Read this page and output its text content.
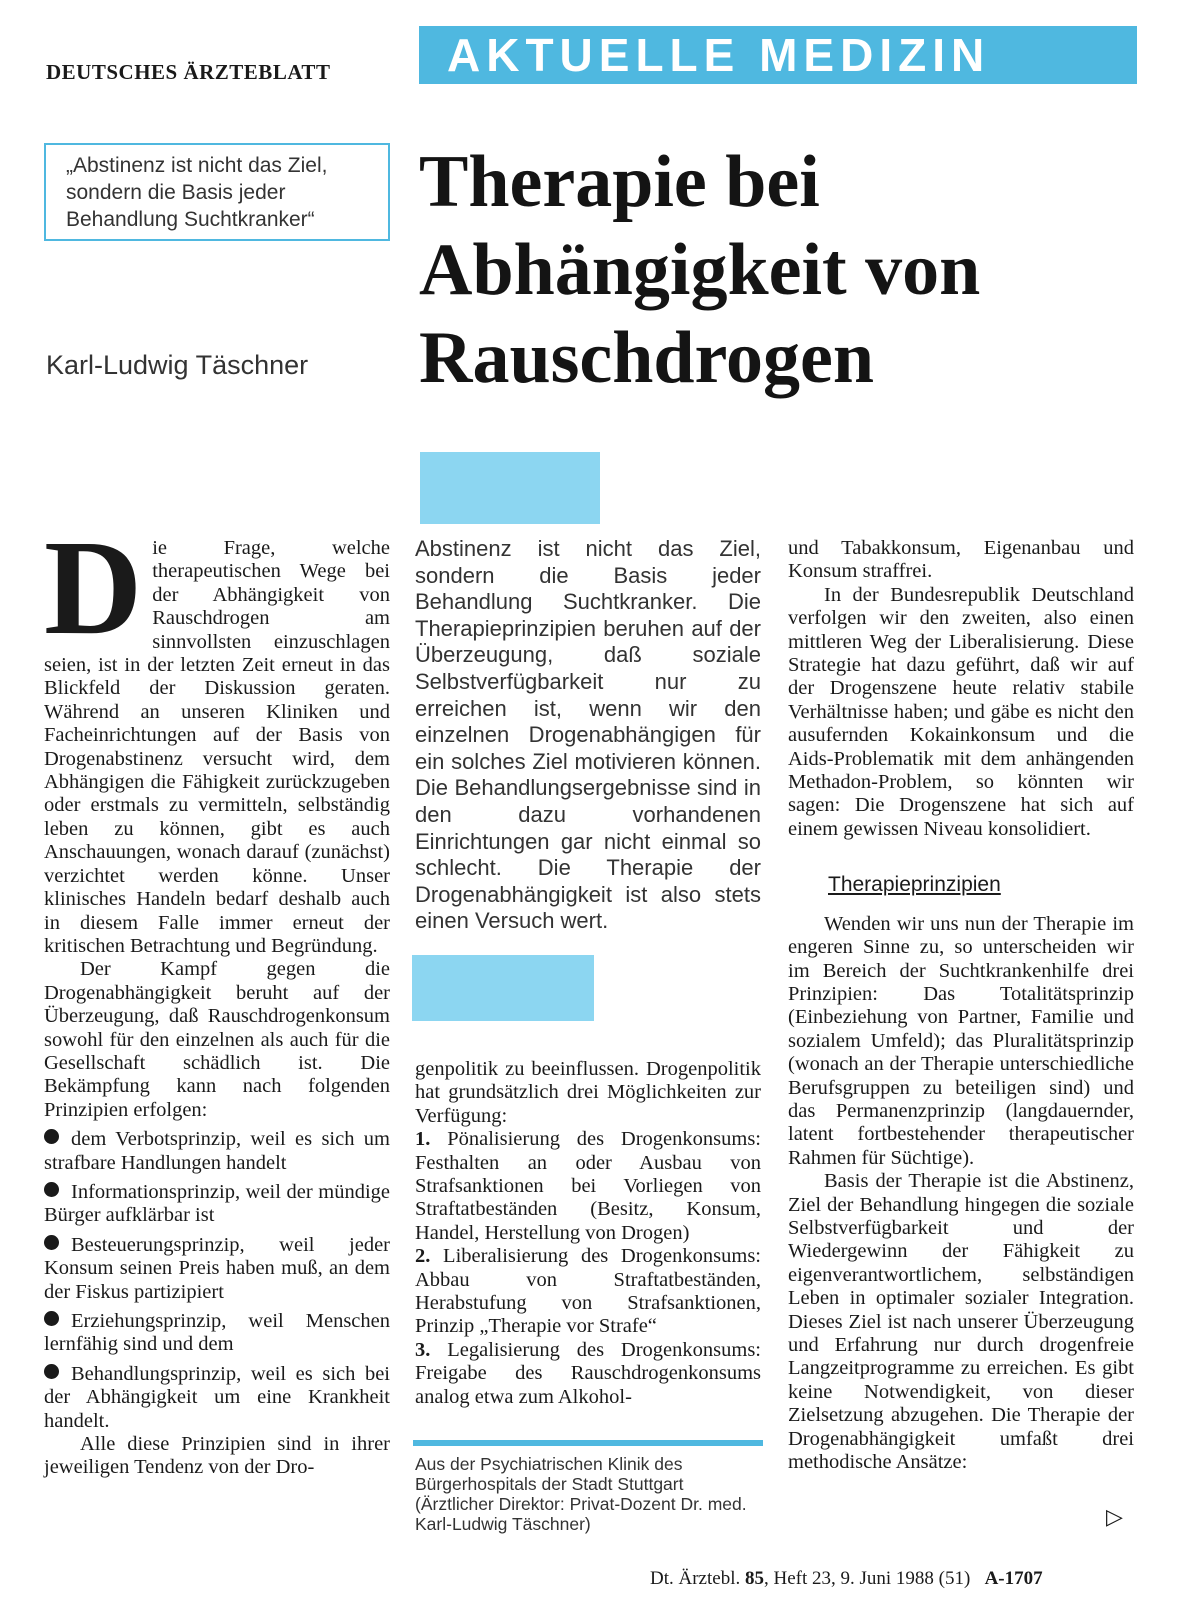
DEUTSCHES ÄRZTEBLATT	AKTUELLE MEDIZIN
„Abstinenz ist nicht das Ziel, sondern die Basis jeder Behandlung Suchtkranker“	Therapie bei Abhängigkeit von Rauschdrogen
Karl-Ludwig Täschner

Die Frage, welche therapeutischen Wege bei der Abhängigkeit von Rauschdrogen am sinnvollsten einzuschlagen seien, ist in der letzten Zeit erneut in das Blickfeld der Diskussion geraten. Während an unseren Kliniken und Facheinrichtungen auf der Basis von Drogenabstinenz versucht wird, dem Abhängigen die Fähigkeit zurückzugeben oder erstmals zu vermitteln, selbständig leben zu können, gibt es auch Anschauungen, wonach darauf (zunächst) verzichtet werden könne. Unser klinisches Handeln bedarf deshalb auch in diesem Falle immer erneut der kritischen Betrachtung und Begründung.

Der Kampf gegen die Drogenabhängigkeit beruht auf der Überzeugung, daß Rauschdrogenkonsum sowohl für den einzelnen als auch für die Gesellschaft schädlich ist. Die Bekämpfung kann nach folgenden Prinzipien erfolgen:

dem Verbotsprinzip, weil es sich um strafbare Handlungen handelt
Informationsprinzip, weil der mündige Bürger aufklärbar ist
Besteuerungsprinzip, weil jeder Konsum seinen Preis haben muß, an dem der Fiskus partizipiert
Erziehungsprinzip, weil Menschen lernfähig sind und dem
Behandlungsprinzip, weil es sich bei der Abhängigkeit um eine Krankheit handelt.

Alle diese Prinzipien sind in ihrer jeweiligen Tendenz von der Dro-

Abstinenz ist nicht das Ziel, sondern die Basis jeder Behandlung Suchtkranker. Die Therapieprinzipien beruhen auf der Überzeugung, daß soziale Selbstverfügbarkeit nur zu erreichen ist, wenn wir den einzelnen Drogenabhängigen für ein solches Ziel motivieren können. Die Behandlungsergebnisse sind in den dazu vorhandenen Einrichtungen gar nicht einmal so schlecht. Die Therapie der Drogenabhängigkeit ist also stets einen Versuch wert.

genpolitik zu beeinflussen. Drogenpolitik hat grundsätzlich drei Möglichkeiten zur Verfügung:

1. Pönalisierung des Drogenkonsums: Festhalten an oder Ausbau von Strafsanktionen bei Vorliegen von Straftatbeständen (Besitz, Konsum, Handel, Herstellung von Drogen)

2. Liberalisierung des Drogenkonsums: Abbau von Straftatbeständen, Herabstufung von Strafsanktionen, Prinzip „Therapie vor Strafe“

3. Legalisierung des Drogenkonsums: Freigabe des Rauschdrogenkonsums analog etwa zum Alkohol-

Aus der Psychiatrischen Klinik des Bürgerhospitals der Stadt Stuttgart (Ärztlicher Direktor: Privat-Dozent Dr. med. Karl-Ludwig Täschner)

und Tabakkonsum, Eigenanbau und Konsum straffrei.

In der Bundesrepublik Deutschland verfolgen wir den zweiten, also einen mittleren Weg der Liberalisierung. Diese Strategie hat dazu geführt, daß wir auf der Drogenszene heute relativ stabile Verhältnisse haben; und gäbe es nicht den ausufernden Kokainkonsum und die Aids-Problematik mit dem anhängenden Methadon-Problem, so könnten wir sagen: Die Drogenszene hat sich auf einem gewissen Niveau konsolidiert.

Therapieprinzipien

Wenden wir uns nun der Therapie im engeren Sinne zu, so unterscheiden wir im Bereich der Suchtkrankenhilfe drei Prinzipien: Das Totalitätsprinzip (Einbeziehung von Partner, Familie und sozialem Umfeld); das Pluralitätsprinzip (wonach an der Therapie unterschiedliche Berufsgruppen zu beteiligen sind) und das Permanenzprinzip (langdauernder, latent fortbestehender therapeutischer Rahmen für Süchtige).

Basis der Therapie ist die Abstinenz, Ziel der Behandlung hingegen die soziale Selbstverfügbarkeit und der Wiedergewinn der Fähigkeit zu eigenverantwortlichem, selbständigen Leben in optimaler sozialer Integration. Dieses Ziel ist nach unserer Überzeugung und Erfahrung nur durch drogenfreie Langzeitprogramme zu erreichen. Es gibt keine Notwendigkeit, von dieser Zielsetzung abzugehen. Die Therapie der Drogenabhängigkeit umfaßt drei methodische Ansätze:

▷
Dt. Ärztebl. 85, Heft 23, 9. Juni 1988 (51) A-1707
